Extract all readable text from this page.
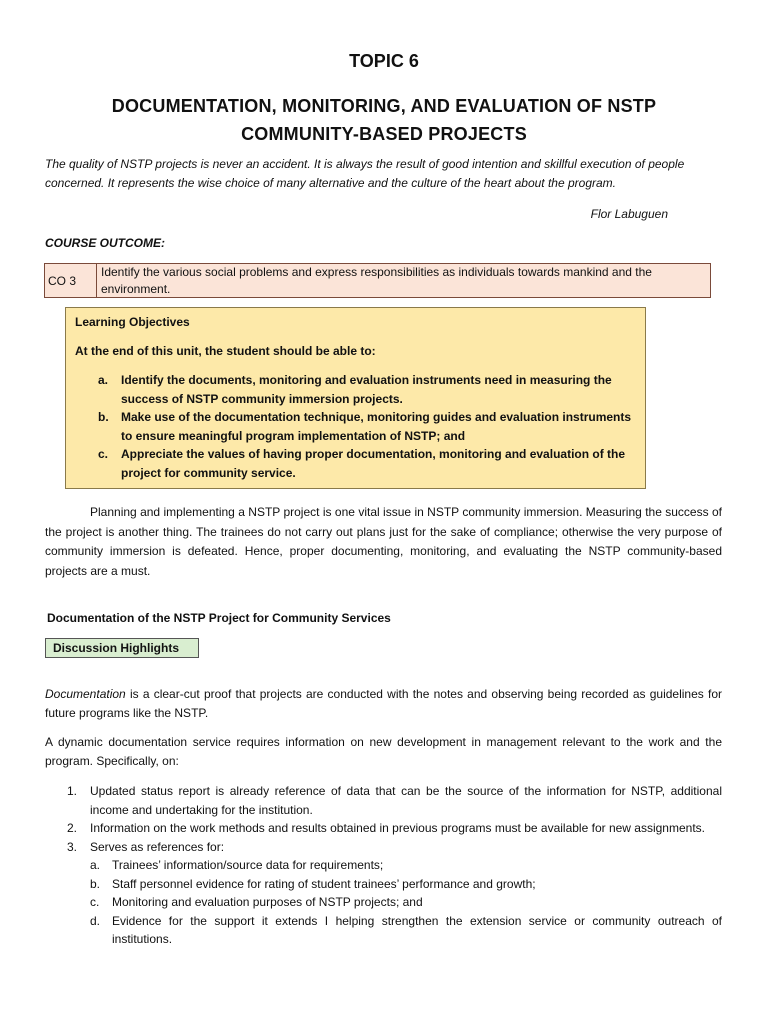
TOPIC 6
DOCUMENTATION, MONITORING, AND EVALUATION OF NSTP
COMMUNITY-BASED PROJECTS
The quality of NSTP projects is never an accident. It is always the result of good intention and skillful execution of people concerned. It represents the wise choice of many alternative and the culture of the heart about the program.
Flor Labuguen
COURSE OUTCOME:
CO 3
Identify the various social problems and express responsibilities as individuals towards mankind and the environment.
Learning Objectives
At the end of this unit, the student should be able to:
a. Identify the documents, monitoring and evaluation instruments need in measuring the success of NSTP community immersion projects.
b. Make use of the documentation technique, monitoring guides and evaluation instruments to ensure meaningful program implementation of NSTP; and
c. Appreciate the values of having proper documentation, monitoring and evaluation of the project for community service.
Planning and implementing a NSTP project is one vital issue in NSTP community immersion. Measuring the success of the project is another thing. The trainees do not carry out plans just for the sake of compliance; otherwise the very purpose of community immersion is defeated. Hence, proper documenting, monitoring, and evaluating the NSTP community-based projects are a must.
Documentation of the NSTP Project for Community Services
Discussion Highlights
Documentation is a clear-cut proof that projects are conducted with the notes and observing being recorded as guidelines for future programs like the NSTP.
A dynamic documentation service requires information on new development in management relevant to the work and the program. Specifically, on:
1. Updated status report is already reference of data that can be the source of the information for NSTP, additional income and undertaking for the institution.
2. Information on the work methods and results obtained in previous programs must be available for new assignments.
3. Serves as references for:
a. Trainees’ information/source data for requirements;
b. Staff personnel evidence for rating of student trainees’ performance and growth;
c. Monitoring and evaluation purposes of NSTP projects; and
d. Evidence for the support it extends I helping strengthen the extension service or community outreach of institutions.
